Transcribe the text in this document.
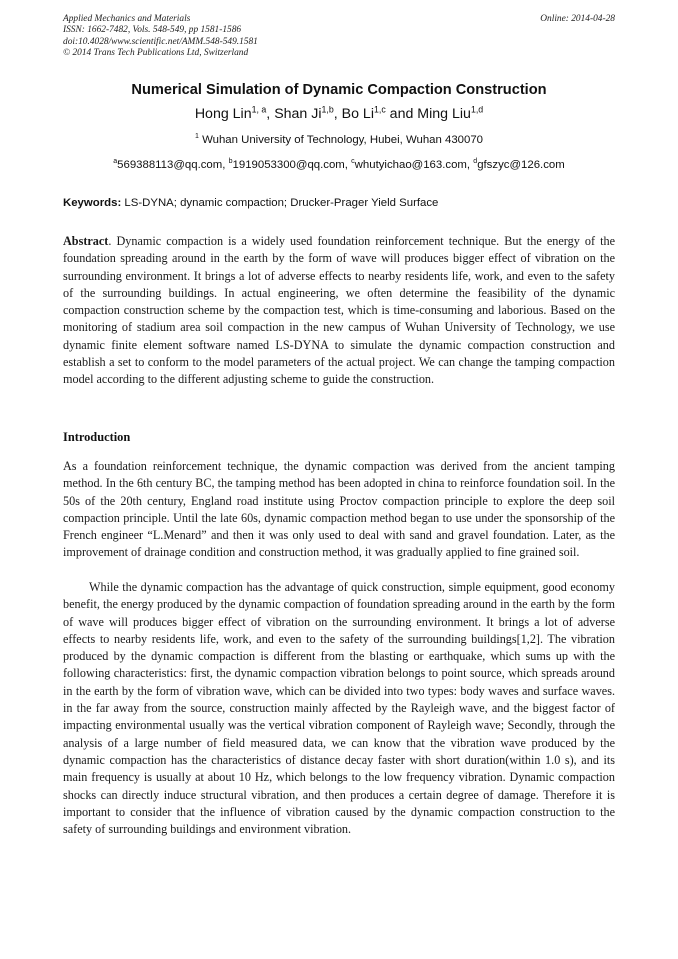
Applied Mechanics and Materials
ISSN: 1662-7482, Vols. 548-549, pp 1581-1586
doi:10.4028/www.scientific.net/AMM.548-549.1581
© 2014 Trans Tech Publications Ltd, Switzerland
Online: 2014-04-28
Numerical Simulation of Dynamic Compaction Construction
Hong Lin$^{1, a}$, Shan Ji$^{1,b}$, Bo Li$^{1,c}$ and Ming Liu$^{1,d}$
$^1$ Wuhan University of Technology, Hubei, Wuhan 430070
$^a$569388113@qq.com, $^b$1919053300@qq.com, $^c$whutyichao@163.com, $^d$gfszyc@126.com
Keywords: LS-DYNA; dynamic compaction; Drucker-Prager Yield Surface

Abstract. Dynamic compaction is a widely used foundation reinforcement technique. But the energy of the foundation spreading around in the earth by the form of wave will produces bigger effect of vibration on the surrounding environment. It brings a lot of adverse effects to nearby residents life, work, and even to the safety of the surrounding buildings. In actual engineering, we often determine the feasibility of the dynamic compaction construction scheme by the compaction test, which is time-consuming and laborious. Based on the monitoring of stadium area soil compaction in the new campus of Wuhan University of Technology, we use dynamic finite element software named LS-DYNA to simulate the dynamic compaction construction and establish a set to conform to the model parameters of the actual project. We can change the tamping compaction model according to the different adjusting scheme to guide the construction.

Introduction

As a foundation reinforcement technique, the dynamic compaction was derived from the ancient tamping method. In the 6th century BC, the tamping method has been adopted in china to reinforce foundation soil. In the 50s of the 20th century, England road institute using Proctov compaction principle to explore the deep soil compaction principle. Until the late 60s, dynamic compaction method began to use under the sponsorship of the French engineer “L.Menard” and then it was only used to deal with sand and gravel foundation. Later, as the improvement of drainage condition and construction method, it was gradually applied to fine grained soil.

While the dynamic compaction has the advantage of quick construction, simple equipment, good economy benefit, the energy produced by the dynamic compaction of foundation spreading around in the earth by the form of wave will produces bigger effect of vibration on the surrounding environment. It brings a lot of adverse effects to nearby residents life, work, and even to the safety of the surrounding buildings[1,2]. The vibration produced by the dynamic compaction is different from the blasting or earthquake, which sums up with the following characteristics: first, the dynamic compaction vibration belongs to point source, which spreads around in the earth by the form of vibration wave, which can be divided into two types: body waves and surface waves. in the far away from the source, construction mainly affected by the Rayleigh wave, and the biggest factor of impacting environmental usually was the vertical vibration component of Rayleigh wave; Secondly, through the analysis of a large number of field measured data, we can know that the vibration wave produced by the dynamic compaction has the characteristics of distance decay faster with short duration(within 1.0 s), and its main frequency is usually at about 10 Hz, which belongs to the low frequency vibration. Dynamic compaction shocks can directly induce structural vibration, and then produces a certain degree of damage. Therefore it is important to consider that the influence of vibration caused by the dynamic compaction construction to the safety of surrounding buildings and environment vibration.
